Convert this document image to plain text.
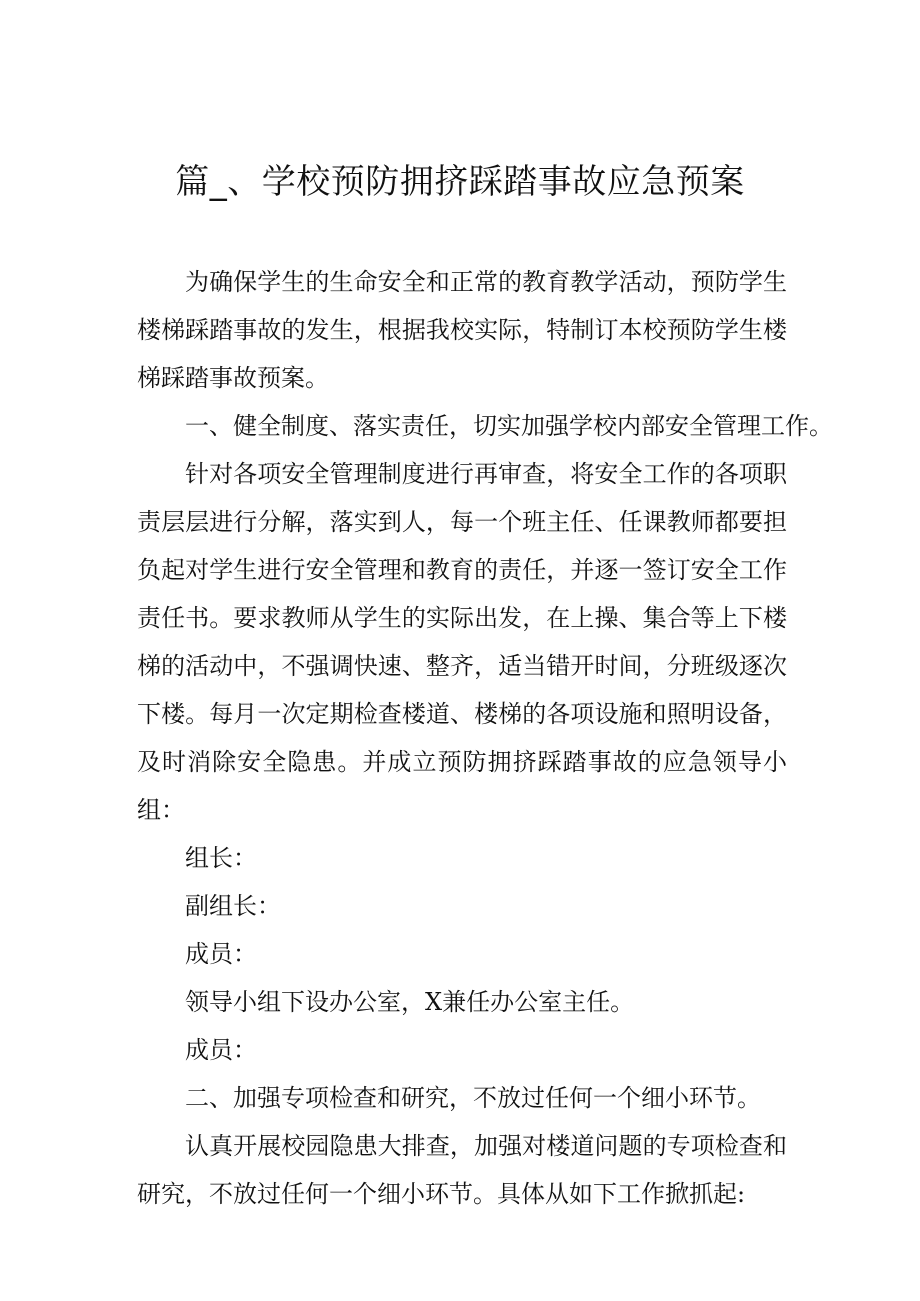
篇_、学校预防拥挤踩踏事故应急预案

为确保学生的生命安全和正常的教育教学活动，预防学生楼梯踩踏事故的发生，根据我校实际，特制订本校预防学生楼梯踩踏事故预案。

一、健全制度、落实责任，切实加强学校内部安全管理工作。

针对各项安全管理制度进行再审查，将安全工作的各项职责层层进行分解，落实到人，每一个班主任、任课教师都要担负起对学生进行安全管理和教育的责任，并逐一签订安全工作责任书。要求教师从学生的实际出发，在上操、集合等上下楼梯的活动中，不强调快速、整齐，适当错开时间，分班级逐次下楼。每月一次定期检查楼道、楼梯的各项设施和照明设备，及时消除安全隐患。并成立预防拥挤踩踏事故的应急领导小组：

组长：

副组长：

成员：

领导小组下设办公室，X兼任办公室主任。

成员：

二、加强专项检查和研究，不放过任何一个细小环节。

认真开展校园隐患大排查，加强对楼道问题的专项检查和研究，不放过任何一个细小环节。具体从如下工作掀抓起:
